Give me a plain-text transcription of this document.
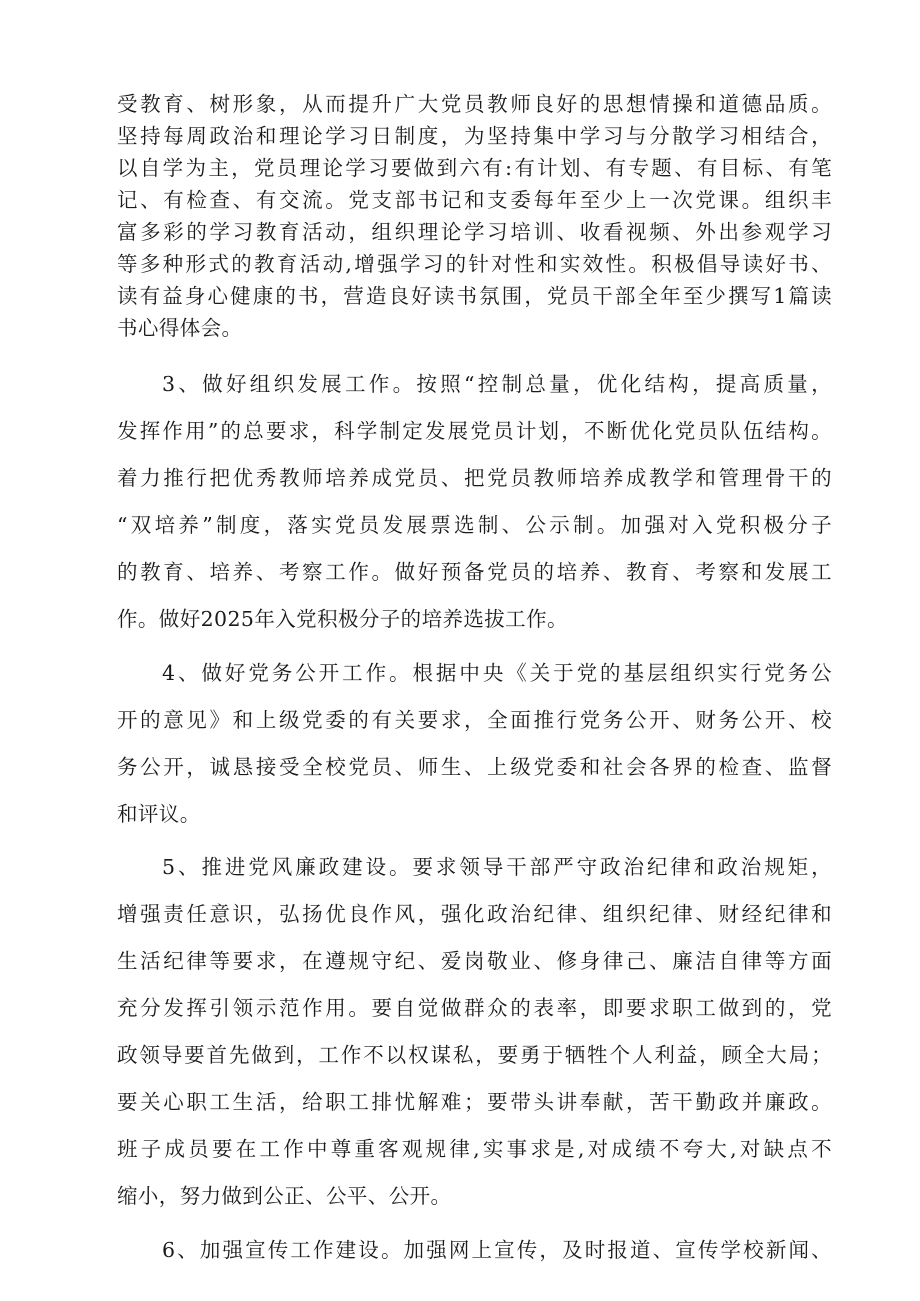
受教育、树形象，从而提升广大党员教师良好的思想情操和道德品质。
坚持每周政治和理论学习日制度，为坚持集中学习与分散学习相结合，
以自学为主，党员理论学习要做到六有:有计划、有专题、有目标、有笔
记、有检查、有交流。党支部书记和支委每年至少上一次党课。组织丰
富多彩的学习教育活动，组织理论学习培训、收看视频、外出参观学习
等多种形式的教育活动,增强学习的针对性和实效性。积极倡导读好书、
读有益身心健康的书，营造良好读书氛围，党员干部全年至少撰写1篇读
书心得体会。
3、做好组织发展工作。按照“控制总量，优化结构，提高质量，
发挥作用”的总要求，科学制定发展党员计划，不断优化党员队伍结构。
着力推行把优秀教师培养成党员、把党员教师培养成教学和管理骨干的
“双培养”制度，落实党员发展票选制、公示制。加强对入党积极分子
的教育、培养、考察工作。做好预备党员的培养、教育、考察和发展工
作。做好2025年入党积极分子的培养选拔工作。
4、做好党务公开工作。根据中央《关于党的基层组织实行党务公
开的意见》和上级党委的有关要求，全面推行党务公开、财务公开、校
务公开，诚恳接受全校党员、师生、上级党委和社会各界的检查、监督
和评议。
5、推进党风廉政建设。要求领导干部严守政治纪律和政治规矩，
增强责任意识，弘扬优良作风，强化政治纪律、组织纪律、财经纪律和
生活纪律等要求，在遵规守纪、爱岗敬业、修身律己、廉洁自律等方面
充分发挥引领示范作用。要自觉做群众的表率，即要求职工做到的，党
政领导要首先做到，工作不以权谋私，要勇于牺牲个人利益，顾全大局；
要关心职工生活，给职工排忧解难；要带头讲奉献，苦干勤政并廉政。
班子成员要在工作中尊重客观规律,实事求是,对成绩不夸大,对缺点不
缩小，努力做到公正、公平、公开。
6、加强宣传工作建设。加强网上宣传，及时报道、宣传学校新闻、
